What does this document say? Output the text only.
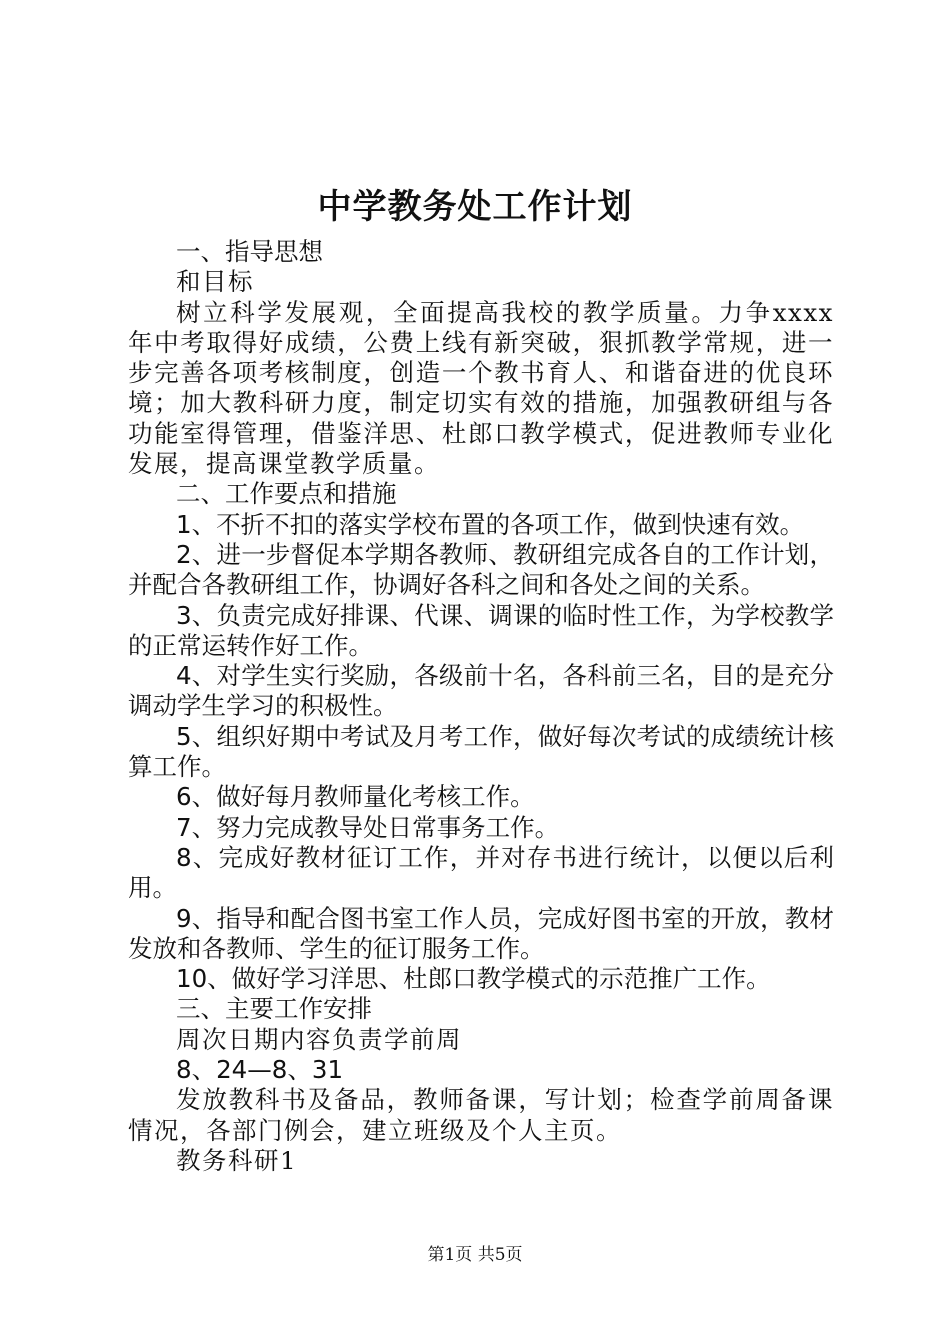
中学教务处工作计划

一、指导思想

和目标

树立科学发展观，全面提高我校的教学质量。力争xxxx年中考取得好成绩，公费上线有新突破，狠抓教学常规，进一步完善各项考核制度，创造一个教书育人、和谐奋进的优良环境；加大教科研力度，制定切实有效的措施，加强教研组与各功能室得管理，借鉴洋思、杜郎口教学模式，促进教师专业化发展，提高课堂教学质量。

二、工作要点和措施

1、不折不扣的落实学校布置的各项工作，做到快速有效。

2、进一步督促本学期各教师、教研组完成各自的工作计划，并配合各教研组工作，协调好各科之间和各处之间的关系。

3、负责完成好排课、代课、调课的临时性工作，为学校教学的正常运转作好工作。

4、对学生实行奖励，各级前十名，各科前三名，目的是充分调动学生学习的积极性。

5、组织好期中考试及月考工作，做好每次考试的成绩统计核算工作。

6、做好每月教师量化考核工作。

7、努力完成教导处日常事务工作。

8、完成好教材征订工作，并对存书进行统计，以便以后利用。

9、指导和配合图书室工作人员，完成好图书室的开放，教材发放和各教师、学生的征订服务工作。

10、做好学习洋思、杜郎口教学模式的示范推广工作。

三、主要工作安排

周次日期内容负责学前周

8、24—8、31

发放教科书及备品，教师备课，写计划；检查学前周备课情况，各部门例会，建立班级及个人主页。

教务科研1

第1页 共5页
